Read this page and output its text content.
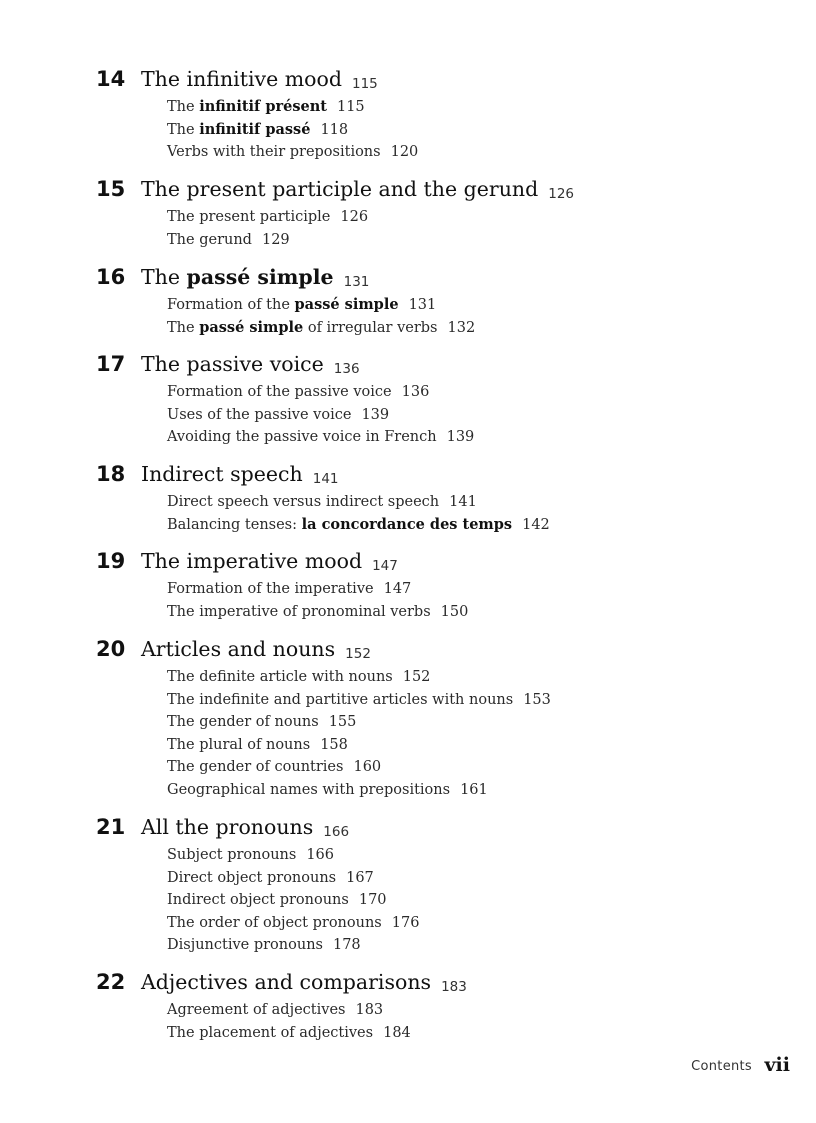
14 The infinitive mood 115
The infinitif présent 115
The infinitif passé 118
Verbs with their prepositions 120
15 The present participle and the gerund 126
The present participle 126
The gerund 129
16 The passé simple 131
Formation of the passé simple 131
The passé simple of irregular verbs 132
17 The passive voice 136
Formation of the passive voice 136
Uses of the passive voice 139
Avoiding the passive voice in French 139
18 Indirect speech 141
Direct speech versus indirect speech 141
Balancing tenses: la concordance des temps 142
19 The imperative mood 147
Formation of the imperative 147
The imperative of pronominal verbs 150
20 Articles and nouns 152
The definite article with nouns 152
The indefinite and partitive articles with nouns 153
The gender of nouns 155
The plural of nouns 158
The gender of countries 160
Geographical names with prepositions 161
21 All the pronouns 166
Subject pronouns 166
Direct object pronouns 167
Indirect object pronouns 170
The order of object pronouns 176
Disjunctive pronouns 178
22 Adjectives and comparisons 183
Agreement of adjectives 183
The placement of adjectives 184
Contents vii
